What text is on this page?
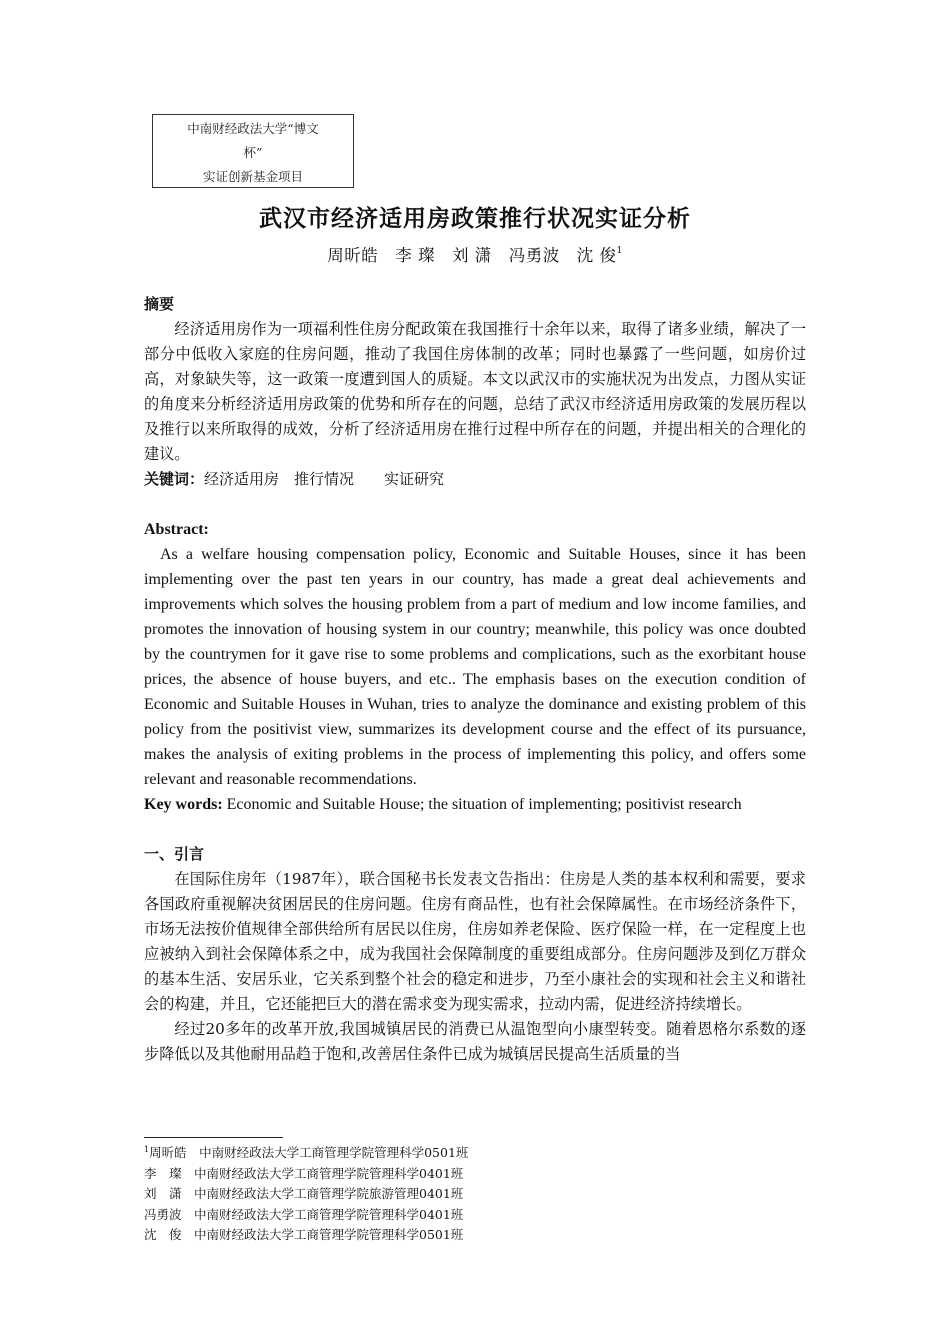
中南财经政法大学“博文
杯”
实证创新基金项目
武汉市经济适用房政策推行状况实证分析
周昕皓　李 璨　刘 潇　冯勇波　沈 俊$^1$

摘要

经济适用房作为一项福利性住房分配政策在我国推行十余年以来，取得了诸多业绩，解决了一部分中低收入家庭的住房问题，推动了我国住房体制的改革；同时也暴露了一些问题，如房价过高，对象缺失等，这一政策一度遭到国人的质疑。本文以武汉市的实施状况为出发点，力图从实证的角度来分析经济适用房政策的优势和所存在的问题，总结了武汉市经济适用房政策的发展历程以及推行以来所取得的成效，分析了经济适用房在推行过程中所存在的问题，并提出相关的合理化的建议。

关键词：经济适用房　推行情况　　实证研究

Abstract:

As a welfare housing compensation policy, Economic and Suitable Houses, since it has been implementing over the past ten years in our country, has made a great deal achievements and improvements which solves the housing problem from a part of medium and low income families, and promotes the innovation of housing system in our country; meanwhile, this policy was once doubted by the countrymen for it gave rise to some problems and complications, such as the exorbitant house prices, the absence of house buyers, and etc.. The emphasis bases on the execution condition of Economic and Suitable Houses in Wuhan, tries to analyze the dominance and existing problem of this policy from the positivist view, summarizes its development course and the effect of its pursuance, makes the analysis of exiting problems in the process of implementing this policy, and offers some relevant and reasonable recommendations.

Key words: Economic and Suitable House; the situation of implementing; positivist research

一、引言

在国际住房年（1987年），联合国秘书长发表文告指出：住房是人类的基本权利和需要，要求各国政府重视解决贫困居民的住房问题。住房有商品性，也有社会保障属性。在市场经济条件下，市场无法按价值规律全部供给所有居民以住房，住房如养老保险、医疗保险一样，在一定程度上也应被纳入到社会保障体系之中，成为我国社会保障制度的重要组成部分。住房问题涉及到亿万群众的基本生活、安居乐业，它关系到整个社会的稳定和进步，乃至小康社会的实现和社会主义和谐社会的构建，并且，它还能把巨大的潜在需求变为现实需求，拉动内需，促进经济持续增长。

经过20多年的改革开放,我国城镇居民的消费已从温饱型向小康型转变。随着恩格尔系数的逐步降低以及其他耐用品趋于饱和,改善居住条件已成为城镇居民提高生活质量的当

$^1$周昕皓 中南财经政法大学工商管理学院管理科学0501班
李　璨 中南财经政法大学工商管理学院管理科学0401班
刘　潇 中南财经政法大学工商管理学院旅游管理0401班
冯勇波 中南财经政法大学工商管理学院管理科学0401班
沈　俊 中南财经政法大学工商管理学院管理科学0501班
